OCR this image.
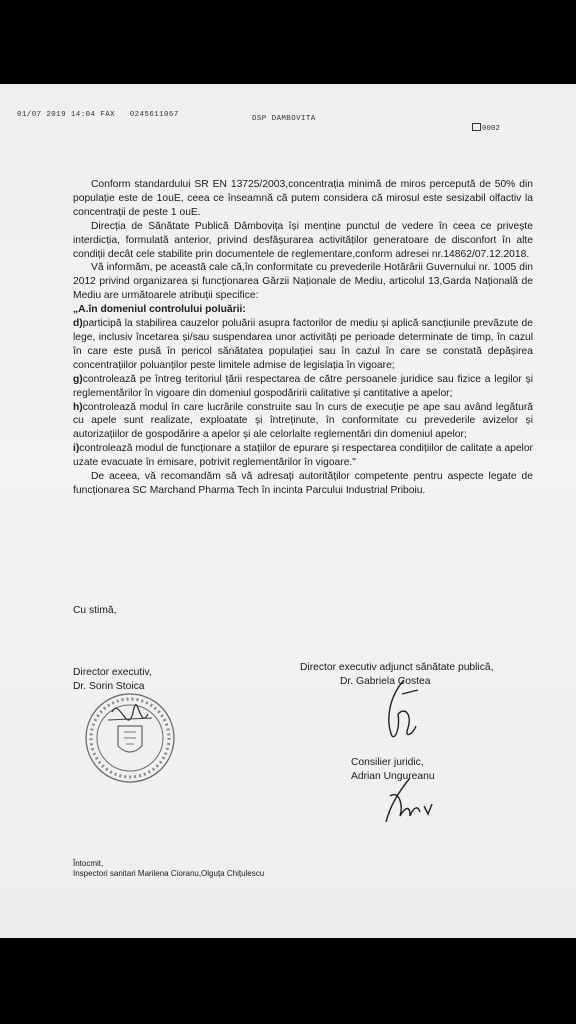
01/07 2019 14:04 FAX 0245611067	DSP DAMBOVITA
0002

Conform standardului SR EN 13725/2003,concentrația minimă de miros percepută de 50% din populație este de 1ouE, ceea ce înseamnă că putem considera că mirosul este sesizabil olfactiv la concentrații de peste 1 ouE.

Direcția de Sănătate Publică Dâmbovița își menține punctul de vedere în ceea ce privește interdicția, formulată anterior, privind desfășurarea activităților generatoare de disconfort în alte condiții decât cele stabilite prin documentele de reglementare,conform adresei nr.14862/07.12.2018.

Vă informăm, pe această cale că,în conformitate cu prevederile Hotărârii Guvernului nr. 1005 din 2012 privind organizarea și funcționarea Gărzii Naționale de Mediu, articolul 13,Garda Națională de Mediu are următoarele atribuții specifice:

„A.în domeniul controlului poluării:

d)participă la stabilirea cauzelor poluării asupra factorilor de mediu și aplică sancțiunile prevăzute de lege, inclusiv încetarea și/sau suspendarea unor activități pe perioade determinate de timp, în cazul în care este pusă în pericol sănătatea populației sau în cazul în care se constată depășirea concentrațiilor poluanților peste limitele admise de legislația în vigoare;

g)controlează pe întreg teritoriul țării respectarea de către persoanele juridice sau fizice a legilor și reglementărilor în vigoare din domeniul gospodăririi calitative și cantitative a apelor;

h)controlează modul în care lucrările construite sau în curs de execuție pe ape sau având legătură cu apele sunt realizate, exploatate și întreținute, în conformitate cu prevederile avizelor și autorizațiilor de gospodărire a apelor și ale celorlalte reglementări din domeniul apelor;

i)controlează modul de funcționare a stațiilor de epurare și respectarea condițiilor de calitate a apelor uzate evacuate în emisare, potrivit reglementărilor în vigoare."

De aceea, vă recomandăm să vă adresați autorităților competente pentru aspecte legate de funcționarea SC Marchand Pharma Tech în incinta Parcului Industrial Priboiu.

Cu stimă,
Director executiv,
Dr. Sorin Stoica
Director executiv adjunct sănătate publică,
Dr. Gabriela Costea
Consilier juridic,
Adrian Ungureanu
Întocmit,
Inspectori sanitari Marilena Cioranu,Olguța Chițulescu
